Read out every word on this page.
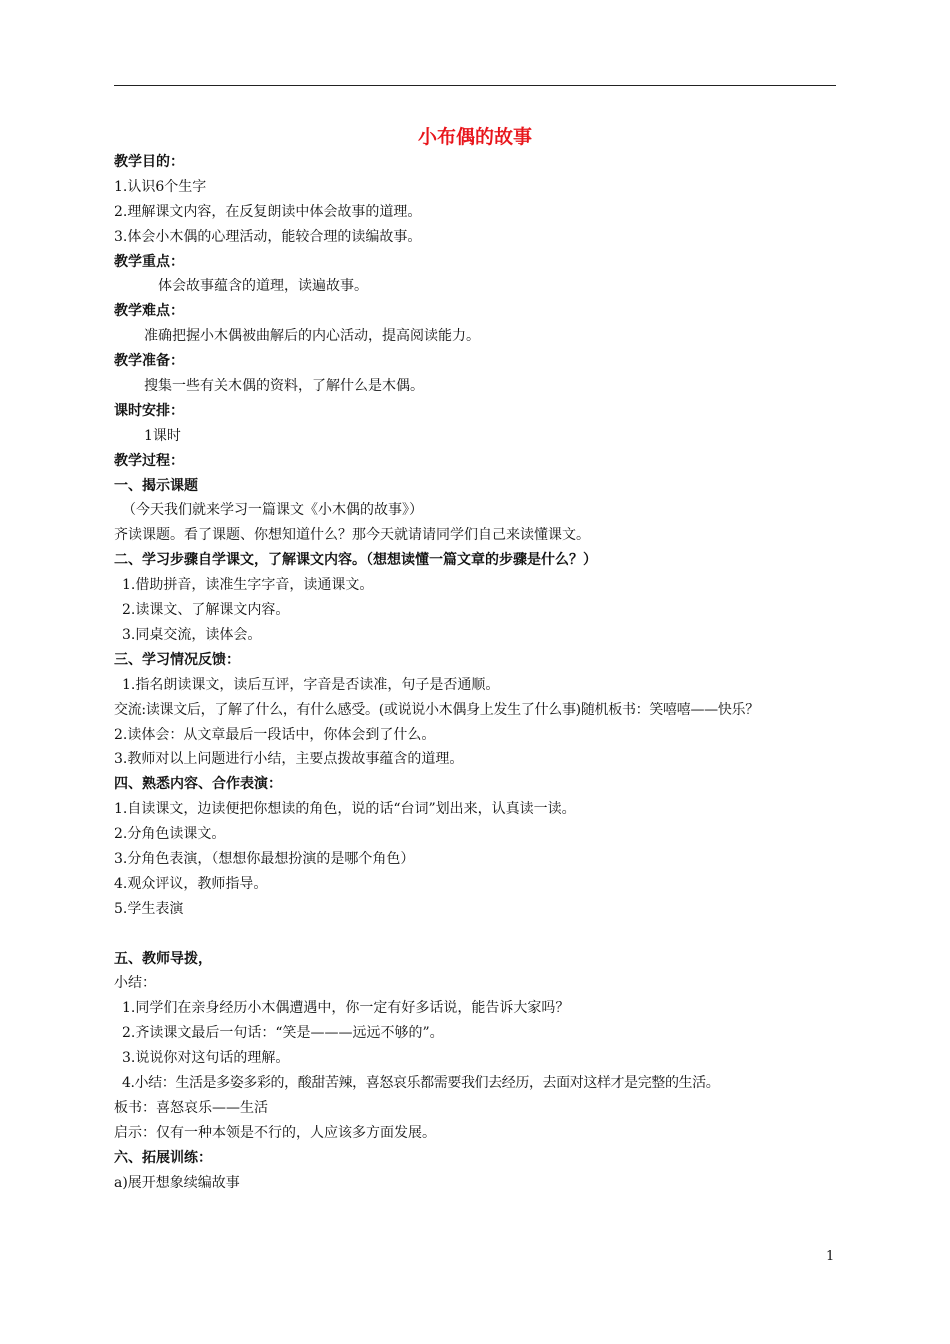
小布偶的故事
教学目的：
1.认识6个生字
2.理解课文内容，在反复朗读中体会故事的道理。
3.体会小木偶的心理活动，能较合理的读编故事。
教学重点：
体会故事蕴含的道理，读遍故事。
教学难点：
准确把握小木偶被曲解后的内心活动，提高阅读能力。
教学准备：
搜集一些有关木偶的资料，了解什么是木偶。
课时安排：
1课时
教学过程：
一、揭示课题
（今天我们就来学习一篇课文《小木偶的故事》）
齐读课题。看了课题、你想知道什么？那今天就请请同学们自己来读懂课文。
二、学习步骤自学课文，了解课文内容。（想想读懂一篇文章的步骤是什么？）
1.借助拼音，读准生字字音，读通课文。
2.读课文、了解课文内容。
3.同桌交流，读体会。
三、学习情况反馈：
1.指名朗读课文，读后互评，字音是否读准，句子是否通顺。
交流:读课文后，了解了什么，有什么感受。(或说说小木偶身上发生了什么事)随机板书：笑嘻嘻——快乐？
2.读体会：从文章最后一段话中，你体会到了什么。
3.教师对以上问题进行小结，主要点拨故事蕴含的道理。
四、熟悉内容、合作表演：
1.自读课文，边读便把你想读的角色，说的话“台词”划出来，认真读一读。
2.分角色读课文。
3.分角色表演，（想想你最想扮演的是哪个角色）
4.观众评议，教师指导。
5.学生表演
五、教师导拨，
小结：
1.同学们在亲身经历小木偶遭遇中，你一定有好多话说，能告诉大家吗？
2.齐读课文最后一句话：“笑是———远远不够的”。
3.说说你对这句话的理解。
4.小结：生活是多姿多彩的，酸甜苦辣，喜怒哀乐都需要我们去经历，去面对这样才是完整的生活。
板书：喜怒哀乐——生活
启示：仅有一种本领是不行的，人应该多方面发展。
六、拓展训练：
a)展开想象续编故事
1
